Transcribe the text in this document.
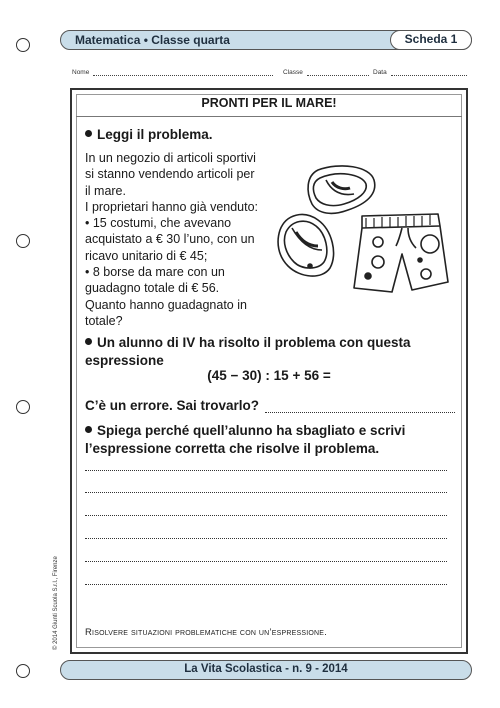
Matematica • Classe quarta	Scheda 1
Nome	Classe	Data
PRONTI PER IL MARE!
Leggi il problema.
In un negozio di articoli sportivi
si stanno vendendo articoli per
il mare.
I proprietari hanno già venduto:
• 15 costumi, che avevano
acquistato a € 30 l’uno, con un
ricavo unitario di € 45;
• 8 borse da mare con un
guadagno totale di € 56.
Quanto hanno guadagnato in
totale?
Un alunno di IV ha risolto il problema con questa
espressione
(45 − 30) : 15 + 56 =
C’è un errore. Sai trovarlo?
Spiega perché quell’alunno ha sbagliato e scrivi
l’espressione corretta che risolve il problema.
Risolvere situazioni problematiche con un’espressione.
© 2014 Giunti Scuola S.r.l., Firenze
La Vita Scolastica - n. 9 - 2014
